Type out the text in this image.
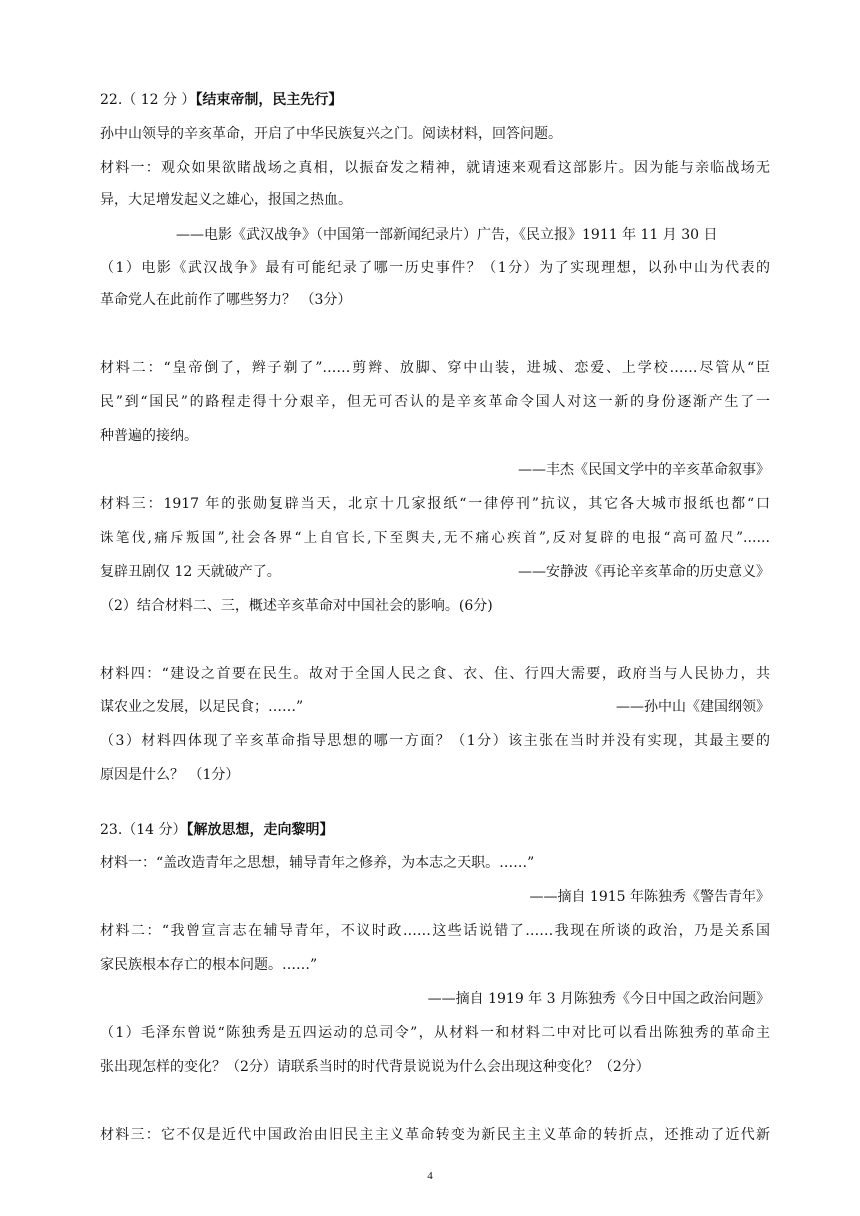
22.（ 12 分 ）【结束帝制，民主先行】
孙中山领导的辛亥革命，开启了中华民族复兴之门。阅读材料，回答问题。
材料一：观众如果欲睹战场之真相，以振奋发之精神，就请速来观看这部影片。因为能与亲临战场无
异，大足增发起义之雄心，报国之热血。
——电影《武汉战争》（中国第一部新闻纪录片）广告，《民立报》1911 年 11 月 30 日
（1）电影《武汉战争》最有可能纪录了哪一历史事件？（1分）为了实现理想，以孙中山为代表的
革命党人在此前作了哪些努力？ （3分）
材料二：“皇帝倒了，辫子剃了”……剪辫、放脚、穿中山装，进城、恋爱、上学校……尽管从“臣
民”到“国民”的路程走得十分艰辛，但无可否认的是辛亥革命令国人对这一新的身份逐渐产生了一
种普遍的接纳。
——丰杰《民国文学中的辛亥革命叙事》
材料三：1917 年的张勋复辟当天，北京十几家报纸“一律停刊”抗议，其它各大城市报纸也都“口
诛笔伐,痛斥叛国”,社会各界“上自官长,下至舆夫,无不痛心疾首”,反对复辟的电报“高可盈尺”……
复辟丑剧仅 12 天就破产了。	——安静波《再论辛亥革命的历史意义》
（2）结合材料二、三，概述辛亥革命对中国社会的影响。(6分)
材料四：“建设之首要在民生。故对于全国人民之食、衣、住、行四大需要，政府当与人民协力，共
谋农业之发展，以足民食；……”	——孙中山《建国纲领》
（3）材料四体现了辛亥革命指导思想的哪一方面？（1分）该主张在当时并没有实现，其最主要的
原因是什么？ （1分）
23.（14 分）【解放思想，走向黎明】
材料一：“盖改造青年之思想，辅导青年之修养，为本志之天职。……”
——摘自 1915 年陈独秀《警告青年》
材料二：“我曾宣言志在辅导青年，不议时政……这些话说错了……我现在所谈的政治，乃是关系国
家民族根本存亡的根本问题。……”
——摘自 1919 年 3 月陈独秀《今日中国之政治问题》
（1）毛泽东曾说“陈独秀是五四运动的总司令”，从材料一和材料二中对比可以看出陈独秀的革命主
张出现怎样的变化？（2分）请联系当时的时代背景说说为什么会出现这种变化？（2分）
材料三：它不仅是近代中国政治由旧民主主义革命转变为新民主主义革命的转折点，还推动了近代新
4
